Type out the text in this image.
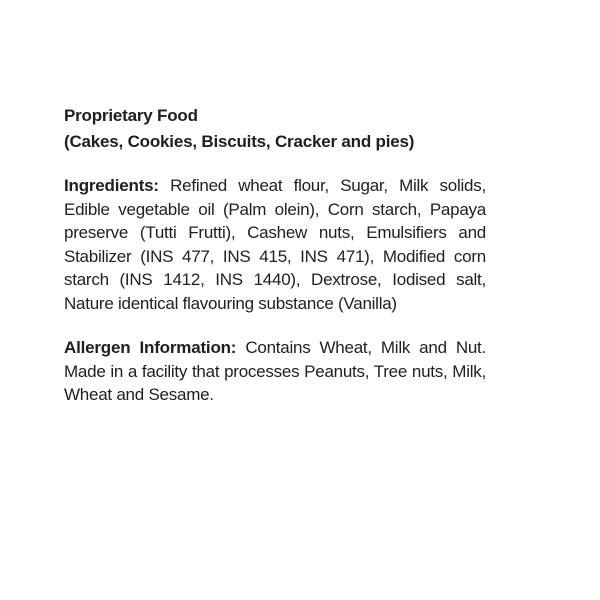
Proprietary Food
(Cakes, Cookies, Biscuits, Cracker and pies)

Ingredients: Refined wheat flour, Sugar, Milk solids, Edible vegetable oil (Palm olein), Corn starch, Papaya preserve (Tutti Frutti), Cashew nuts, Emulsifiers and Stabilizer (INS 477, INS 415, INS 471), Modified corn starch (INS 1412, INS 1440), Dextrose, Iodised salt, Nature identical flavouring substance (Vanilla)

Allergen Information: Contains Wheat, Milk and Nut. Made in a facility that processes Peanuts, Tree nuts, Milk, Wheat and Sesame.
